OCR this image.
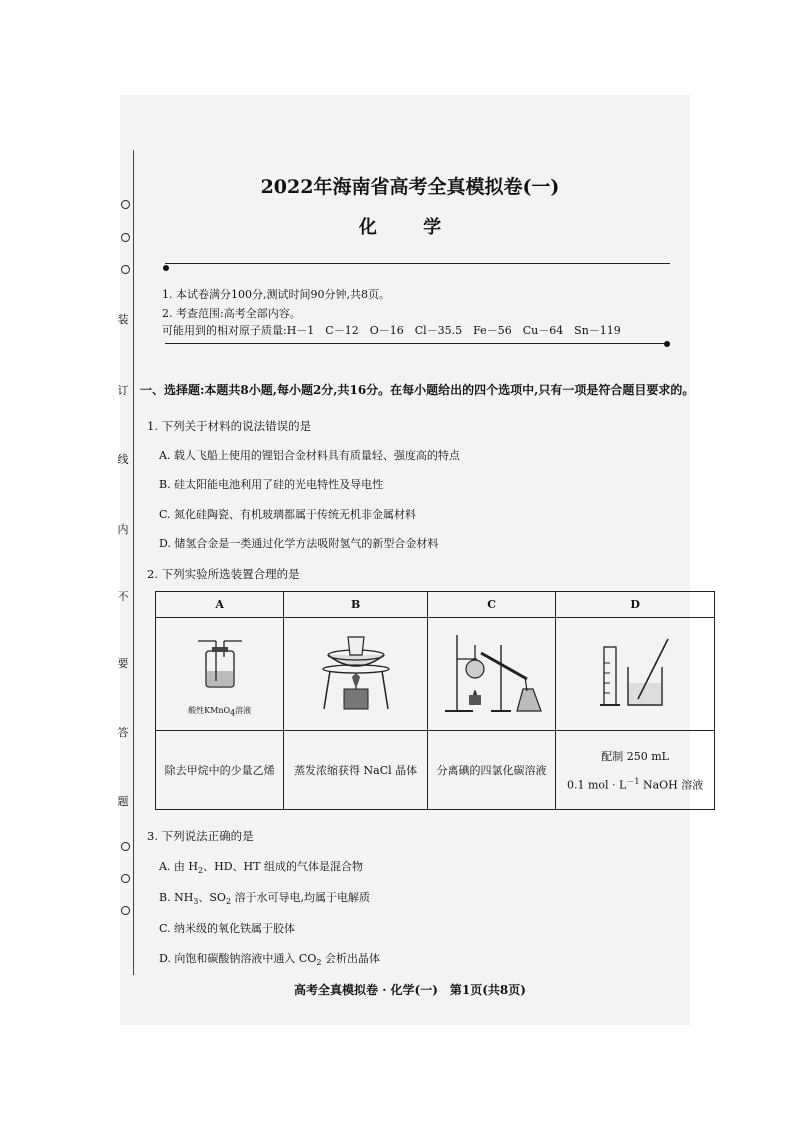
装
订
线
内
不
要
答
题
2022年海南省高考全真模拟卷(一)
化 学
1. 本试卷满分100分,测试时间90分钟,共8页。
2. 考查范围:高考全部内容。
可能用到的相对原子质量:H－1　C－12　O－16　Cl－35.5　Fe－56　Cu－64　Sn－119
一、选择题:本题共8小题,每小题2分,共16分。在每小题给出的四个选项中,只有一项是符合题目要求的。
1. 下列关于材料的说法错误的是
A. 载人飞船上使用的锂铝合金材料具有质量轻、强度高的特点
B. 硅太阳能电池利用了硅的光电特性及导电性
C. 氮化硅陶瓷、有机玻璃都属于传统无机非金属材料
D. 储氢合金是一类通过化学方法吸附氢气的新型合金材料
2. 下列实验所选装置合理的是
A	B	C	D

酸性KMnO$_4$溶液

除去甲烷中的少量乙烯	蒸发浓缩获得 NaCl 晶体	分离碘的四氯化碳溶液	配制 250 mL
0.1 mol · $L^{-1}$ NaOH 溶液
3. 下列说法正确的是
A. 由 $H_2$、HD、HT 组成的气体是混合物
B. $NH_3$、$SO_2$ 溶于水可导电,均属于电解质
C. 纳米级的氧化铁属于胶体
D. 向饱和碳酸钠溶液中通入 $CO_2$ 会析出晶体
高考全真模拟卷 · 化学(一)　第1页(共8页)
